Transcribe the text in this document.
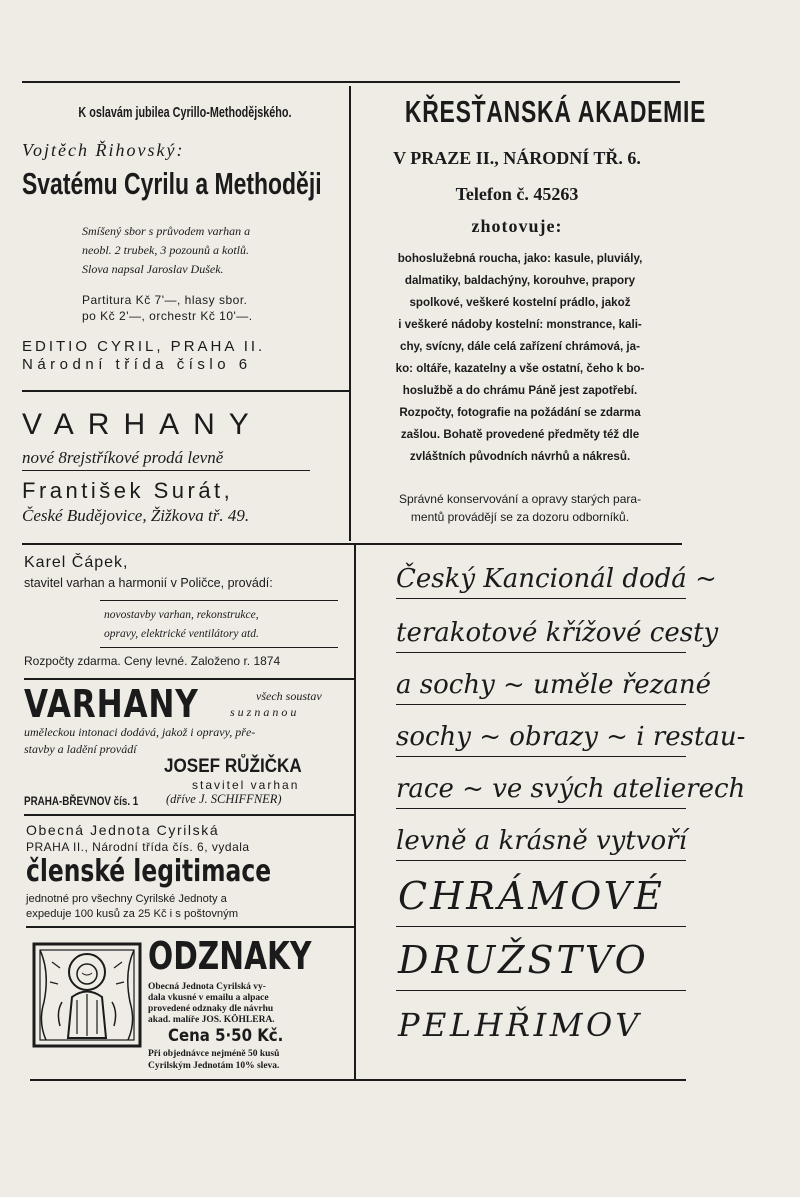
K oslavám jubilea Cyrillo-Methodějského.
Vojtěch Řihovský:
Svatému Cyrilu a Methoději
Smíšený sbor s průvodem varhan a
neobl. 2 trubek, 3 pozounů a kotlů.
Slova napsal Jaroslav Dušek.
Partitura Kč 7'—, hlasy sbor.
po Kč 2'—, orchestr Kč 10'—.
EDITIO CYRIL, PRAHA II.
Národní třída číslo 6
VARHANY
nové 8rejstříkové prodá levně
František Surát,
České Budějovice, Žižkova tř. 49.
Karel Čápek,
stavitel varhan a harmonií v Poličce, provádí:
novostavby varhan, rekonstrukce,
opravy, elektrické ventilátory atd.
Rozpočty zdarma. Ceny levné. Založeno r. 1874
VARHANY	všech soustav
suznanou
uměleckou intonaci dodává, jakož i opravy, pře-
stavby a ladění provádí
JOSEF RŮŽIČKA
stavitel varhan
PRAHA-BŘEVNOV čís. 1	(dříve J. SCHIFFNER)
Obecná Jednota Cyrilská
PRAHA II., Národní třída čís. 6, vydala
členské legitimace
jednotné pro všechny Cyrilské Jednoty a
expeduje 100 kusů za 25 Kč i s poštovným
ODZNAKY
Obecná Jednota Cyrilská vy-
dala vkusné v emailu a alpace
provedené odznaky dle návrhu
akad. malíře JOS. KÖHLERA.
Cena 5·50 Kč.
Při objednávce nejméně 50 kusů
Cyrilským Jednotám 10% sleva.
KŘESŤANSKÁ AKADEMIE
V PRAZE II., NÁRODNÍ TŘ. 6.
Telefon č. 45263
zhotovuje:
bohoslužebná roucha, jako: kasule, pluviály,
dalmatiky, baldachýny, korouhve, prapory
spolkové, veškeré kostelní prádlo, jakož
i veškeré nádoby kostelní: monstrance, kali-
chy, svícny, dále celá zařízení chrámová, ja-
ko: oltáře, kazatelny a vše ostatní, čeho k bo-
hoslužbě a do chrámu Páně jest zapotřebí.
Rozpočty, fotografie na požádání se zdarma
zašlou. Bohatě provedené předměty též dle
zvláštních původních návrhů a nákresů.
Správné konservování a opravy starých para-
mentů provádějí se za dozoru odborníků.
Český Kancionál dodá ~
terakotové křížové cesty
a sochy ~ uměle řezané
sochy ~ obrazy ~ i restau-
race ~ ve svých atelierech
levně a krásně vytvoří
CHRÁMOVÉ
DRUŽSTVO
PELHŘIMOV
